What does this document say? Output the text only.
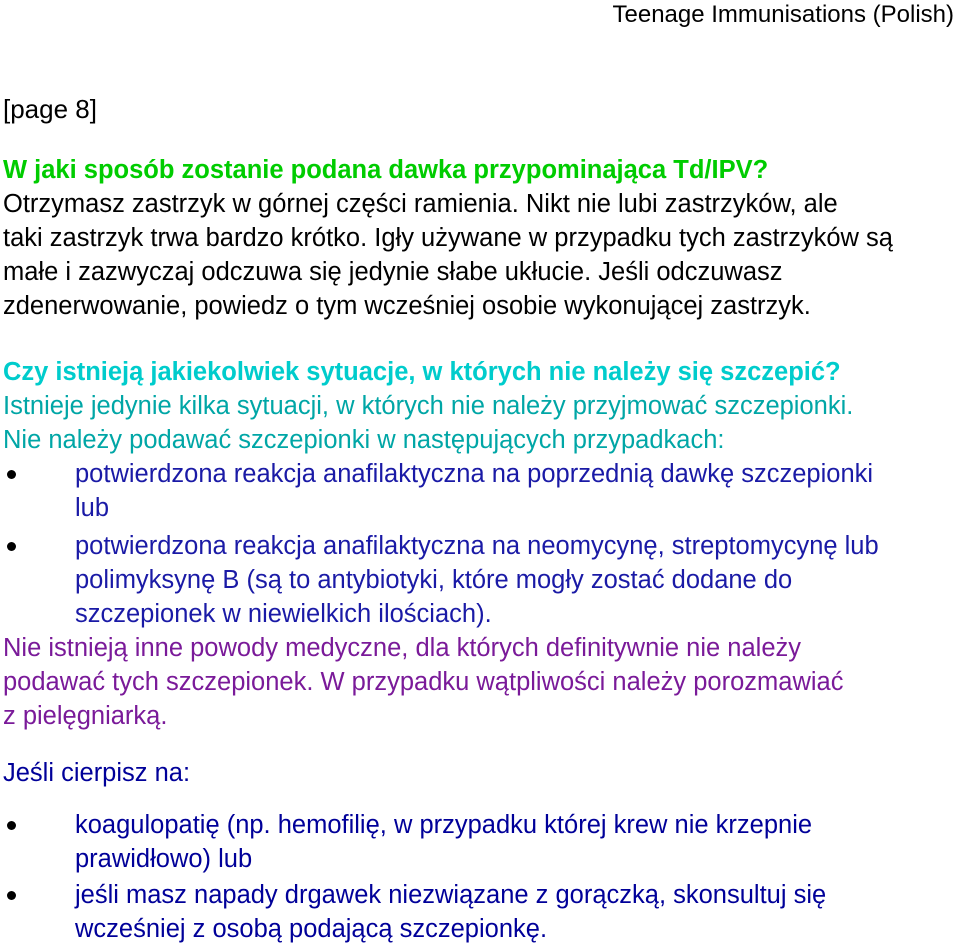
Teenage Immunisations (Polish)
[page 8]
W jaki sposób zostanie podana dawka przypominająca Td/IPV?
Otrzymasz zastrzyk w górnej części ramienia. Nikt nie lubi zastrzyków, ale
taki zastrzyk trwa bardzo krótko. Igły używane w przypadku tych zastrzyków są
małe i zazwyczaj odczuwa się jedynie słabe ukłucie. Jeśli odczuwasz
zdenerwowanie, powiedz o tym wcześniej osobie wykonującej zastrzyk.
Czy istnieją jakiekolwiek sytuacje, w których nie należy się szczepić?
Istnieje jedynie kilka sytuacji, w których nie należy przyjmować szczepionki.
Nie należy podawać szczepionki w następujących przypadkach:
potwierdzona reakcja anafilaktyczna na poprzednią dawkę szczepionki
lub
potwierdzona reakcja anafilaktyczna na neomycynę, streptomycynę lub
polimyksynę B (są to antybiotyki, które mogły zostać dodane do
szczepionek w niewielkich ilościach).
Nie istnieją inne powody medyczne, dla których definitywnie nie należy
podawać tych szczepionek. W przypadku wątpliwości należy porozmawiać
z pielęgniarką.
Jeśli cierpisz na:
koagulopatię (np. hemofilię, w przypadku której krew nie krzepnie
prawidłowo) lub
jeśli masz napady drgawek niezwiązane z gorączką, skonsultuj się
wcześniej z osobą podającą szczepionkę.
